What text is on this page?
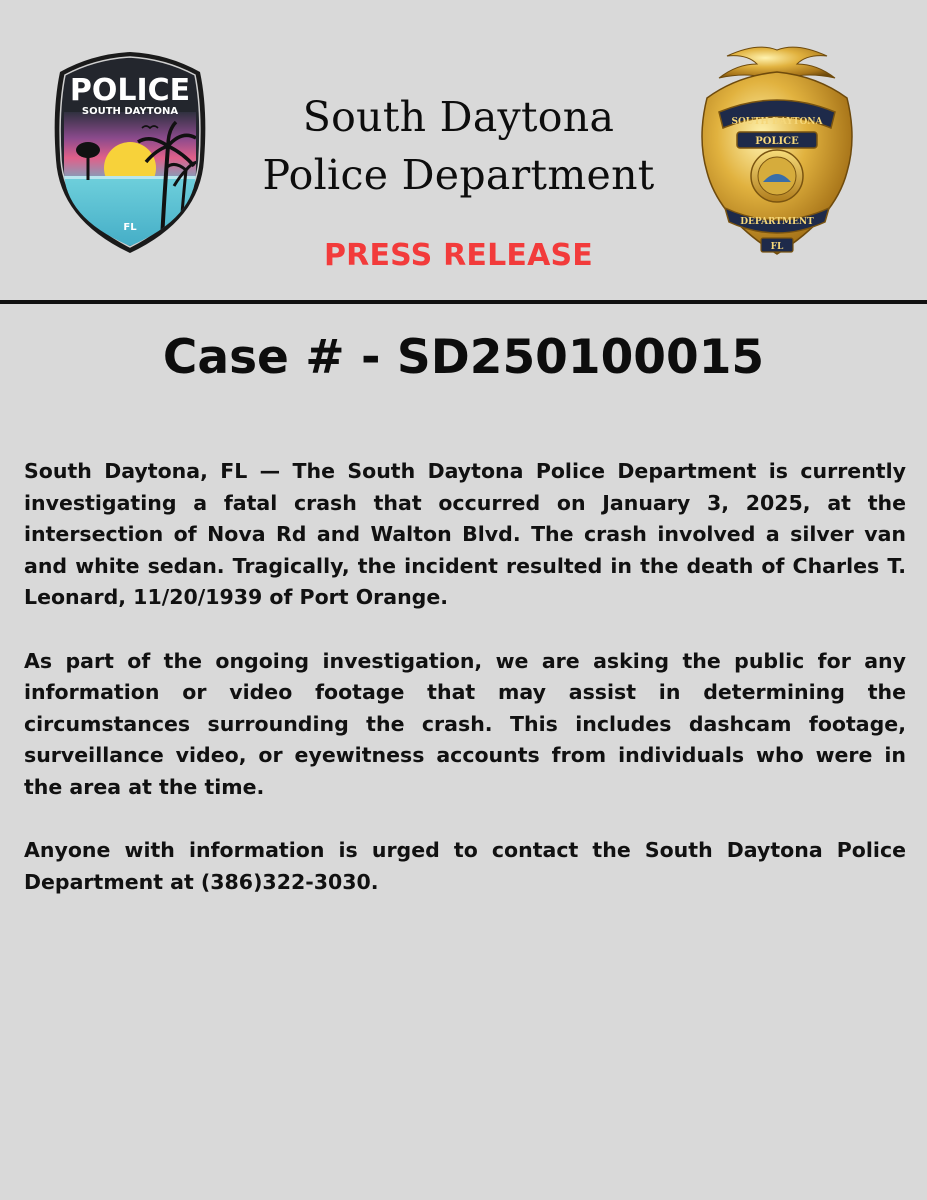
POLICE
SOUTH DAYTONA
FL
South Daytona
Police Department
PRESS RELEASE
SOUTH DAYTONA
POLICE
DEPARTMENT
FL
Case # - SD250100015

South Daytona, FL — The South Daytona Police Department is currently investigating a fatal crash that occurred on January 3, 2025, at the intersection of Nova Rd and Walton Blvd. The crash involved a silver van and white sedan. Tragically, the incident resulted in the death of Charles T. Leonard, 11/20/1939 of Port Orange.

As part of the ongoing investigation, we are asking the public for any information or video footage that may assist in determining the circumstances surrounding the crash. This includes dashcam footage, surveillance video, or eyewitness accounts from individuals who were in the area at the time.

Anyone with information is urged to contact the South Daytona Police Department at (386)322-3030.
